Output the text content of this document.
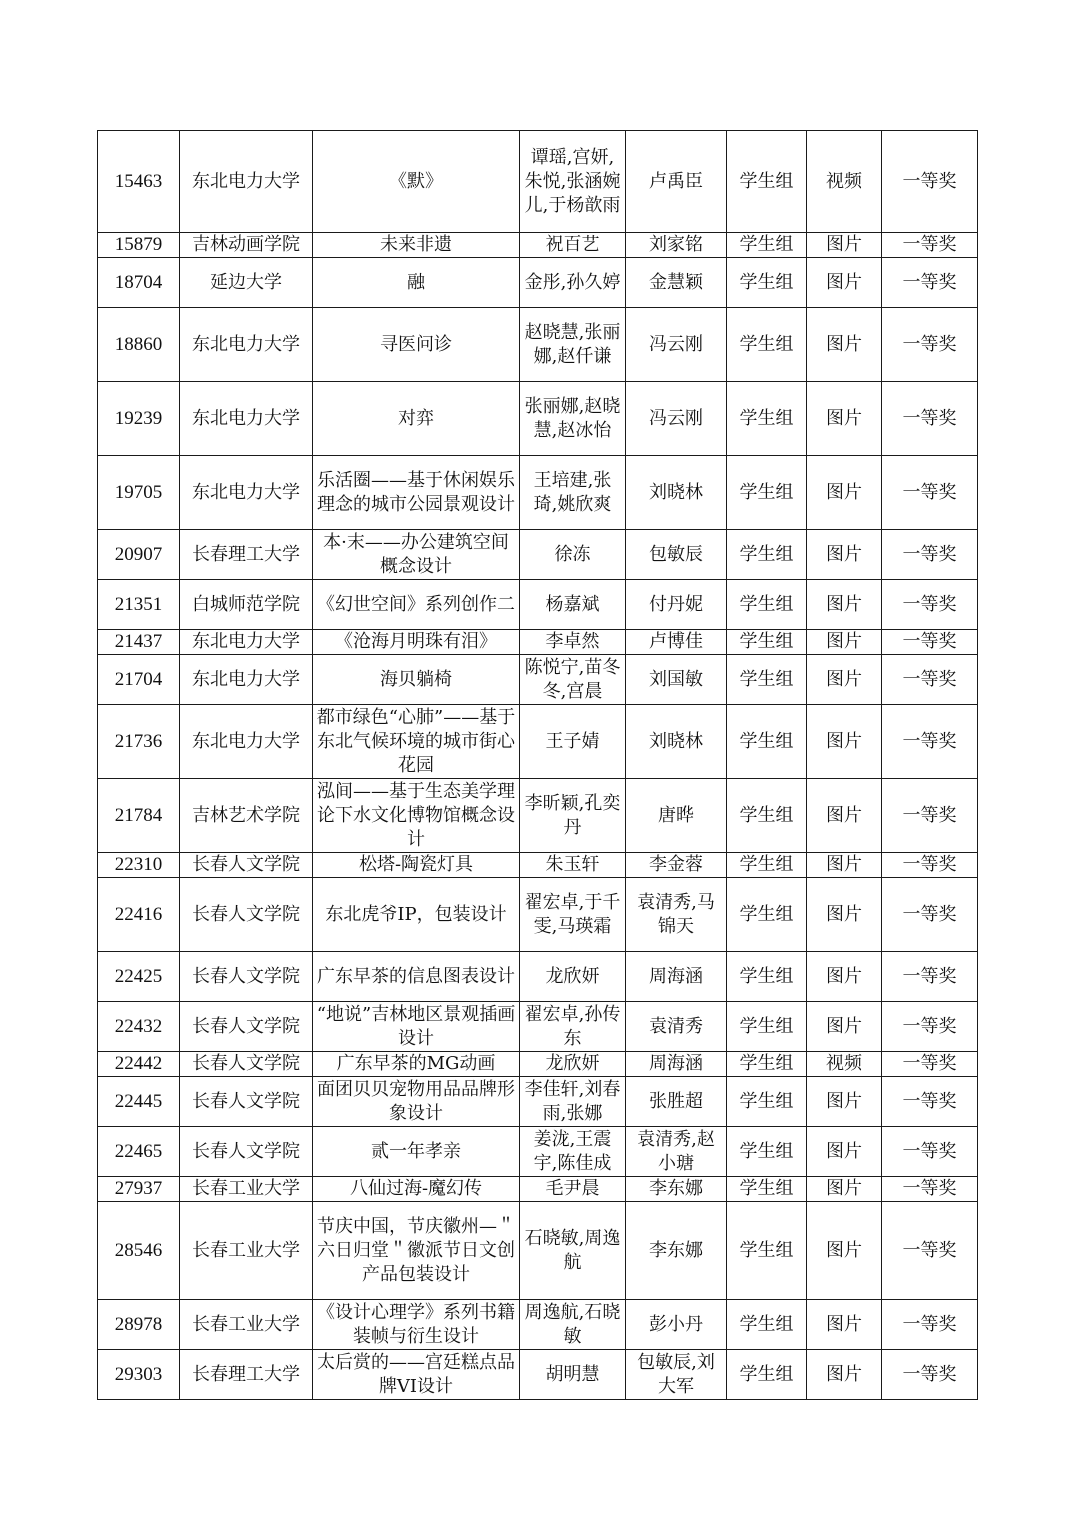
15463	东北电力大学	《默》	谭瑶,宫妍,朱悦,张涵婉儿,于杨歆雨	卢禹臣	学生组	视频	一等奖
15879	吉林动画学院	未来非遗	祝百艺	刘家铭	学生组	图片	一等奖
18704	延边大学	融	金彤,孙久婷	金慧颖	学生组	图片	一等奖
18860	东北电力大学	寻医问诊	赵晓慧,张丽娜,赵仟谦	冯云刚	学生组	图片	一等奖
19239	东北电力大学	对弈	张丽娜,赵晓慧,赵冰怡	冯云刚	学生组	图片	一等奖
19705	东北电力大学	乐活圈——基于休闲娱乐理念的城市公园景观设计	王培建,张琦,姚欣爽	刘晓林	学生组	图片	一等奖
20907	长春理工大学	本·末——办公建筑空间概念设计	徐冻	包敏辰	学生组	图片	一等奖
21351	白城师范学院	《幻世空间》系列创作二	杨嘉斌	付丹妮	学生组	图片	一等奖
21437	东北电力大学	《沧海月明珠有泪》	李卓然	卢博佳	学生组	图片	一等奖
21704	东北电力大学	海贝躺椅	陈悦宁,苗冬冬,宫晨	刘国敏	学生组	图片	一等奖
21736	东北电力大学	都市绿色“心肺”——基于东北气候环境的城市街心花园	王子婧	刘晓林	学生组	图片	一等奖
21784	吉林艺术学院	泓间——基于生态美学理论下水文化博物馆概念设计	李昕颖,孔奕丹	唐晔	学生组	图片	一等奖
22310	长春人文学院	松塔-陶瓷灯具	朱玉轩	李金蓉	学生组	图片	一等奖
22416	长春人文学院	东北虎爷IP，包装设计	翟宏卓,于千雯,马瑛霜	袁清秀,马锦天	学生组	图片	一等奖
22425	长春人文学院	广东早茶的信息图表设计	龙欣妍	周海涵	学生组	图片	一等奖
22432	长春人文学院	“地说”吉林地区景观插画设计	翟宏卓,孙传东	袁清秀	学生组	图片	一等奖
22442	长春人文学院	广东早茶的MG动画	龙欣妍	周海涵	学生组	视频	一等奖
22445	长春人文学院	面团贝贝宠物用品品牌形象设计	李佳轩,刘春雨,张娜	张胜超	学生组	图片	一等奖
22465	长春人文学院	贰一年孝亲	姜泷,王震宇,陈佳成	袁清秀,赵小瑭	学生组	图片	一等奖
27937	长春工业大学	八仙过海-魔幻传	毛尹晨	李东娜	学生组	图片	一等奖
28546	长春工业大学	节庆中国，节庆徽州—＂六日归堂＂徽派节日文创产品包装设计	石晓敏,周逸航	李东娜	学生组	图片	一等奖
28978	长春工业大学	《设计心理学》系列书籍装帧与衍生设计	周逸航,石晓敏	彭小丹	学生组	图片	一等奖
29303	长春理工大学	太后赏的——宫廷糕点品牌VI设计	胡明慧	包敏辰,刘大军	学生组	图片	一等奖
